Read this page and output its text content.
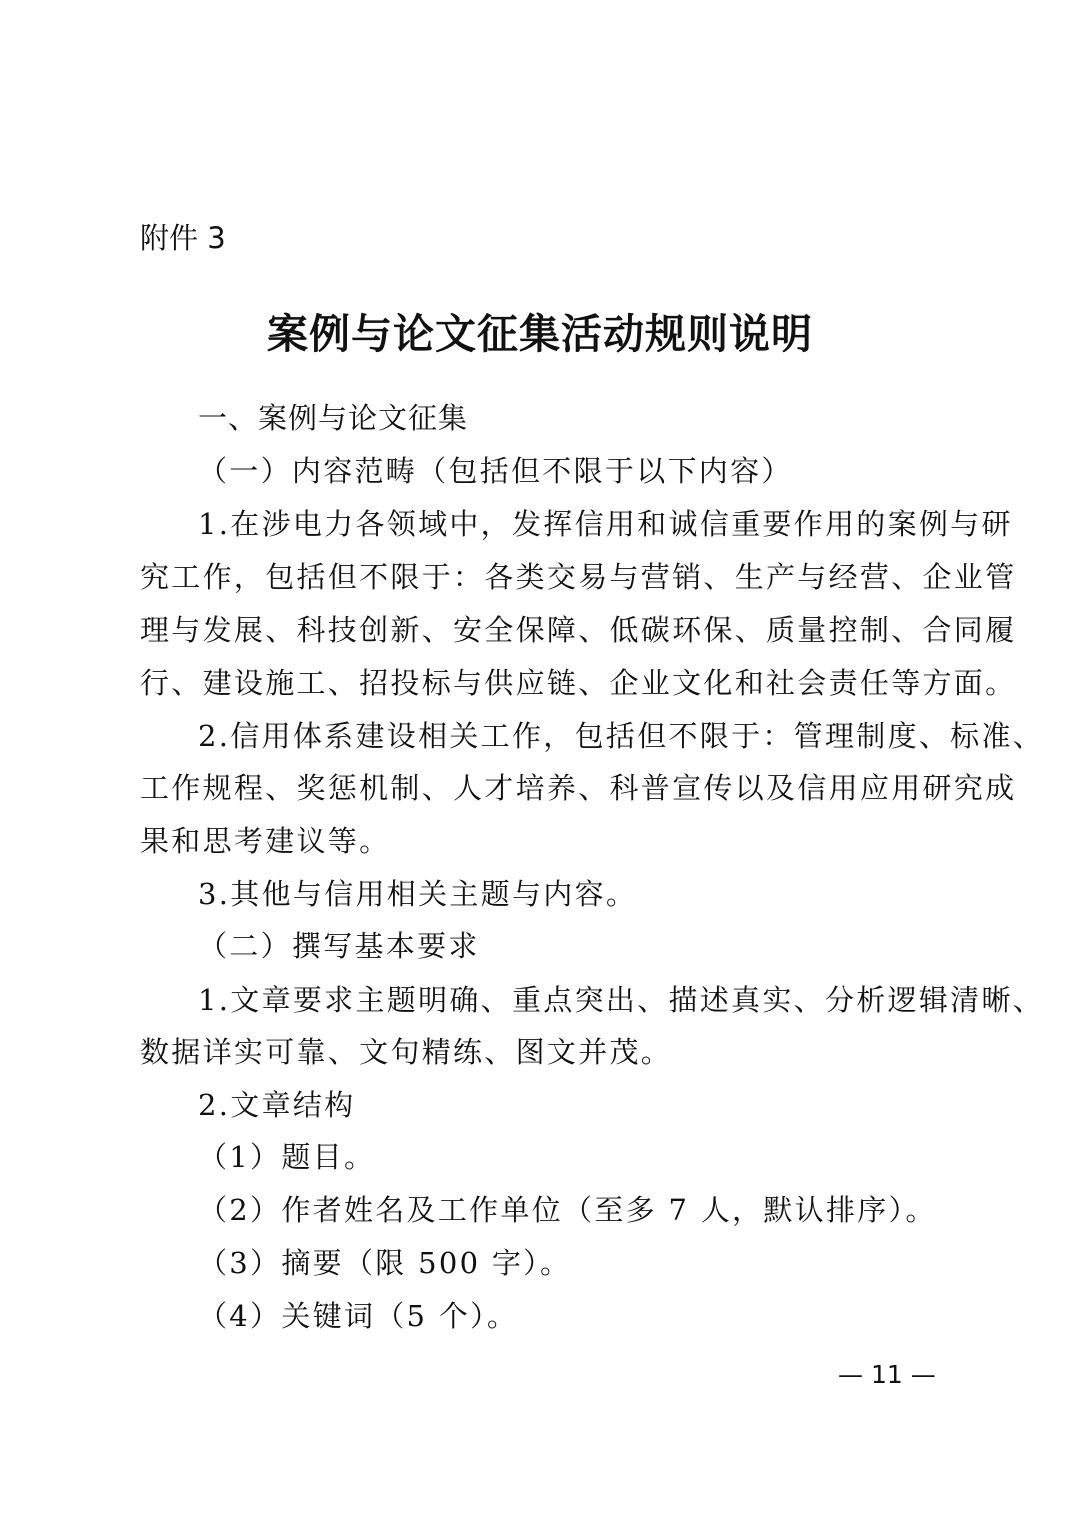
附件 3

案例与论文征集活动规则说明

一、案例与论文征集

（一）内容范畴（包括但不限于以下内容）

1.在涉电力各领域中，发挥信用和诚信重要作用的案例与研

究工作，包括但不限于：各类交易与营销、生产与经营、企业管

理与发展、科技创新、安全保障、低碳环保、质量控制、合同履

行、建设施工、招投标与供应链、企业文化和社会责任等方面。

2.信用体系建设相关工作，包括但不限于：管理制度、标准、

工作规程、奖惩机制、人才培养、科普宣传以及信用应用研究成

果和思考建议等。

3.其他与信用相关主题与内容。

（二）撰写基本要求

1.文章要求主题明确、重点突出、描述真实、分析逻辑清晰、

数据详实可靠、文句精练、图文并茂。

2.文章结构

（1）题目。

（2）作者姓名及工作单位（至多 7 人，默认排序）。

（3）摘要（限 500 字）。

（4）关键词（5 个）。

— 11 —
